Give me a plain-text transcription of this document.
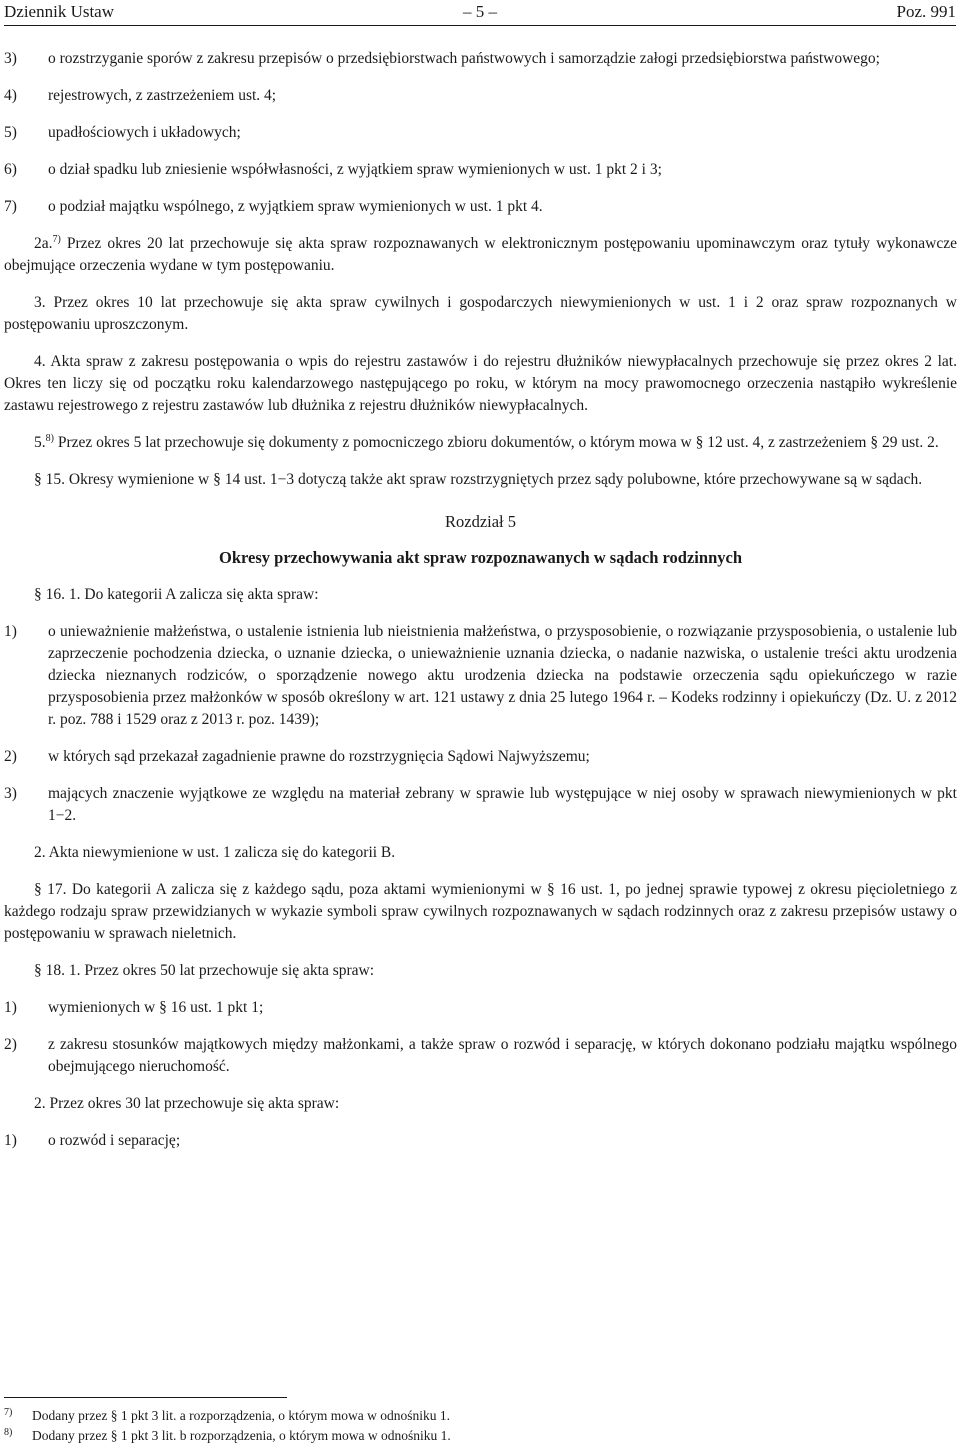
Dziennik Ustaw	– 5 –	Poz. 991
3)	o rozstrzyganie sporów z zakresu przepisów o przedsiębiorstwach państwowych i samorządzie załogi przedsiębiorstwa państwowego;
4)	rejestrowych, z zastrzeżeniem ust. 4;
5)	upadłościowych i układowych;
6)	o dział spadku lub zniesienie współwłasności, z wyjątkiem spraw wymienionych w ust. 1 pkt 2 i 3;
7)	o podział majątku wspólnego, z wyjątkiem spraw wymienionych w ust. 1 pkt 4.
2a.$^{7)}$ Przez okres 20 lat przechowuje się akta spraw rozpoznawanych w elektronicznym postępowaniu upominawczym oraz tytuły wykonawcze obejmujące orzeczenia wydane w tym postępowaniu.
3. Przez okres 10 lat przechowuje się akta spraw cywilnych i gospodarczych niewymienionych w ust. 1 i 2 oraz spraw rozpoznanych w postępowaniu uproszczonym.
4. Akta spraw z zakresu postępowania o wpis do rejestru zastawów i do rejestru dłużników niewypłacalnych przechowuje się przez okres 2 lat. Okres ten liczy się od początku roku kalendarzowego następującego po roku, w którym na mocy prawomocnego orzeczenia nastąpiło wykreślenie zastawu rejestrowego z rejestru zastawów lub dłużnika z rejestru dłużników niewypłacalnych.
5.$^{8)}$ Przez okres 5 lat przechowuje się dokumenty z pomocniczego zbioru dokumentów, o którym mowa w § 12 ust. 4, z zastrzeżeniem § 29 ust. 2.
§ 15. Okresy wymienione w § 14 ust. 1−3 dotyczą także akt spraw rozstrzygniętych przez sądy polubowne, które przechowywane są w sądach.
Rozdział 5
Okresy przechowywania akt spraw rozpoznawanych w sądach rodzinnych
§ 16. 1. Do kategorii A zalicza się akta spraw:
1)	o unieważnienie małżeństwa, o ustalenie istnienia lub nieistnienia małżeństwa, o przysposobienie, o rozwiązanie przysposobienia, o ustalenie lub zaprzeczenie pochodzenia dziecka, o uznanie dziecka, o unieważnienie uznania dziecka, o nadanie nazwiska, o ustalenie treści aktu urodzenia dziecka nieznanych rodziców, o sporządzenie nowego aktu urodzenia dziecka na podstawie orzeczenia sądu opiekuńczego w razie przysposobienia przez małżonków w sposób określony w art. 121 ustawy z dnia 25 lutego 1964 r. – Kodeks rodzinny i opiekuńczy (Dz. U. z 2012 r. poz. 788 i 1529 oraz z 2013 r. poz. 1439);
2)	w których sąd przekazał zagadnienie prawne do rozstrzygnięcia Sądowi Najwyższemu;
3)	mających znaczenie wyjątkowe ze względu na materiał zebrany w sprawie lub występujące w niej osoby w sprawach niewymienionych w pkt 1−2.
2. Akta niewymienione w ust. 1 zalicza się do kategorii B.
§ 17. Do kategorii A zalicza się z każdego sądu, poza aktami wymienionymi w § 16 ust. 1, po jednej sprawie typowej z okresu pięcioletniego z każdego rodzaju spraw przewidzianych w wykazie symboli spraw cywilnych rozpoznawanych w sądach rodzinnych oraz z zakresu przepisów ustawy o postępowaniu w sprawach nieletnich.
§ 18. 1. Przez okres 50 lat przechowuje się akta spraw:
1)	wymienionych w § 16 ust. 1 pkt 1;
2)	z zakresu stosunków majątkowych między małżonkami, a także spraw o rozwód i separację, w których dokonano podziału majątku wspólnego obejmującego nieruchomość.
2. Przez okres 30 lat przechowuje się akta spraw:
1)	o rozwód i separację;
7)	Dodany przez § 1 pkt 3 lit. a rozporządzenia, o którym mowa w odnośniku 1.
8)	Dodany przez § 1 pkt 3 lit. b rozporządzenia, o którym mowa w odnośniku 1.
